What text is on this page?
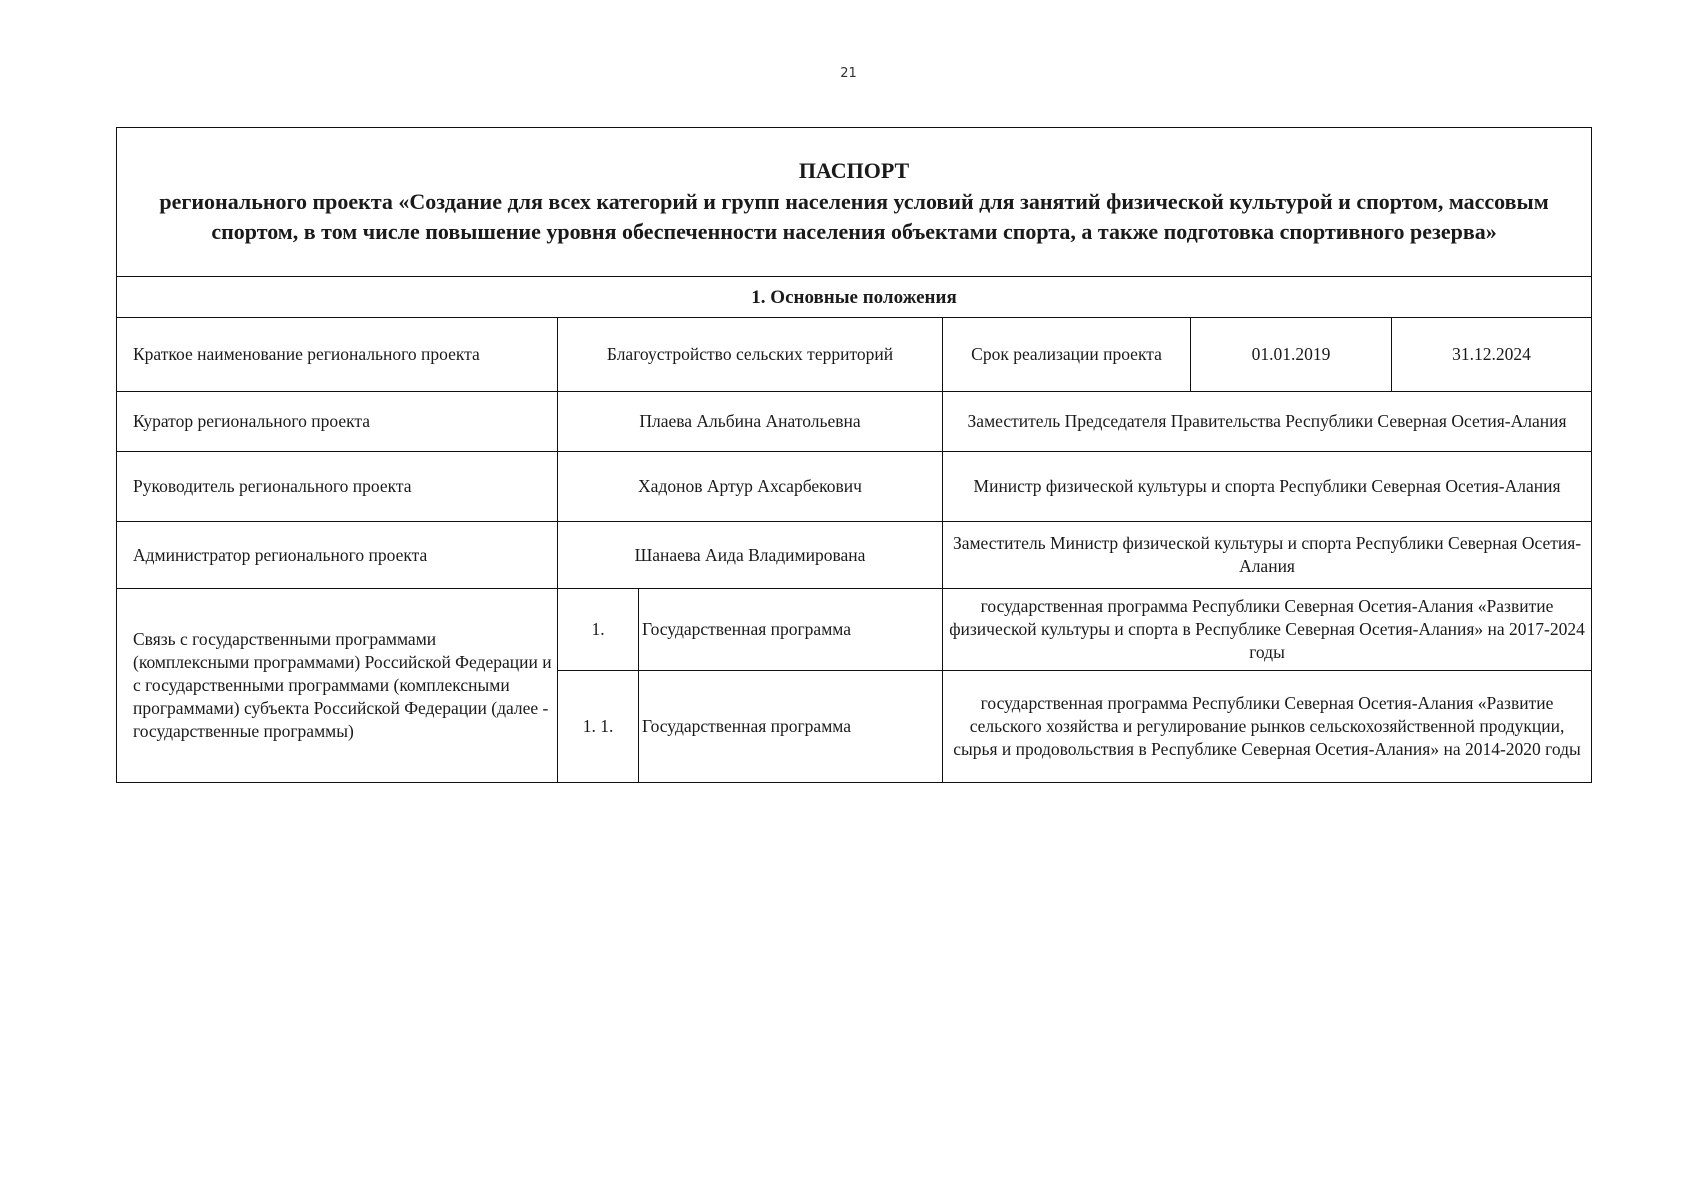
21
ПАСПОРТ
регионального проекта «Создание для всех категорий и групп населения условий для занятий физической культурой и спортом, массовым спортом, в том числе повышение уровня обеспеченности населения объектами спорта, а также подготовка спортивного резерва»					

1. Основные положения					
Краткое наименование регионального проекта	Благоустройство сельских территорий		Срок реализации проекта	01.01.2019	31.12.2024
Куратор регионального проекта	Плаева Альбина Анатольевна		Заместитель Председателя Правительства Республики Северная Осетия-Алания		
Руководитель регионального проекта	Хадонов Артур Ахсарбекович		Министр физической культуры и спорта Республики Северная Осетия-Алания		
Администратор регионального проекта	Шанаева Аида Владимирована		Заместитель Министр физической культуры и спорта Республики Северная Осетия-Алания		
Связь с государственными программами (комплексными программами) Российской Федерации и с государственными программами (комплексными программами) субъекта Российской Федерации (далее - государственные программы)	1.	Государственная программа	государственная программа Республики Северная Осетия-Алания «Развитие физической культуры и спорта в Республике Северная Осетия-Алания» на 2017-2024 годы		
	1. 1.	Государственная программа	государственная программа Республики Северная Осетия-Алания «Развитие сельского хозяйства и регулирование рынков сельскохозяйственной продукции, сырья и продовольствия в Республике Северная Осетия-Алания» на 2014-2020 годы		
